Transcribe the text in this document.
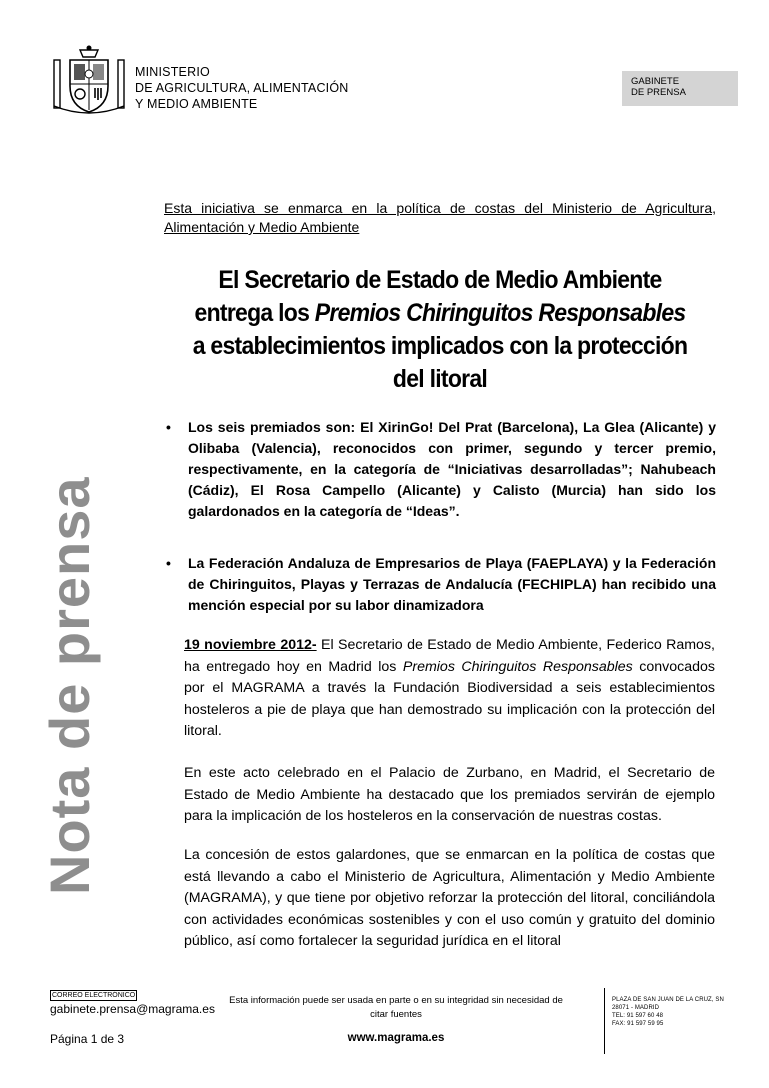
MINISTERIO
DE AGRICULTURA, ALIMENTACIÓN
Y MEDIO AMBIENTE
GABINETE
DE PRENSA
Nota de prensa
Esta iniciativa se enmarca en la política de costas del Ministerio de Agricultura, Alimentación y Medio Ambiente
El Secretario de Estado de Medio Ambiente entrega los Premios Chiringuitos Responsables a establecimientos implicados con la protección del litoral
• Los seis premiados son: El XirinGo! Del Prat (Barcelona), La Glea (Alicante) y Olibaba (Valencia), reconocidos con primer, segundo y tercer premio, respectivamente, en la categoría de “Iniciativas desarrolladas”; Nahubeach (Cádiz), El Rosa Campello (Alicante) y Calisto (Murcia) han sido los galardonados en la categoría de “Ideas”.
• La Federación Andaluza de Empresarios de Playa (FAEPLAYA) y la Federación de Chiringuitos, Playas y Terrazas de Andalucía (FECHIPLA) han recibido una mención especial por su labor dinamizadora
19 noviembre 2012- El Secretario de Estado de Medio Ambiente, Federico Ramos, ha entregado hoy en Madrid los Premios Chiringuitos Responsables convocados por el MAGRAMA a través la Fundación Biodiversidad a seis establecimientos hosteleros a pie de playa que han demostrado su implicación con la protección del litoral.
En este acto celebrado en el Palacio de Zurbano, en Madrid, el Secretario de Estado de Medio Ambiente ha destacado que los premiados servirán de ejemplo para la implicación de los hosteleros en la conservación de nuestras costas.
La concesión de estos galardones, que se enmarcan en la política de costas que está llevando a cabo el Ministerio de Agricultura, Alimentación y Medio Ambiente (MAGRAMA), y que tiene por objetivo reforzar la protección del litoral, conciliándola con actividades económicas sostenibles y con el uso común y gratuito del dominio público, así como fortalecer la seguridad jurídica en el litoral
CORREO ELECTRÓNICO
gabinete.prensa@magrama.es
Página 1 de 3
Esta información puede ser usada en parte o en su integridad sin necesidad de citar fuentes
www.magrama.es
PLAZA DE SAN JUAN DE LA CRUZ, SN
28071 - MADRID
TEL: 91 597 60 48
FAX: 91 597 59 95
